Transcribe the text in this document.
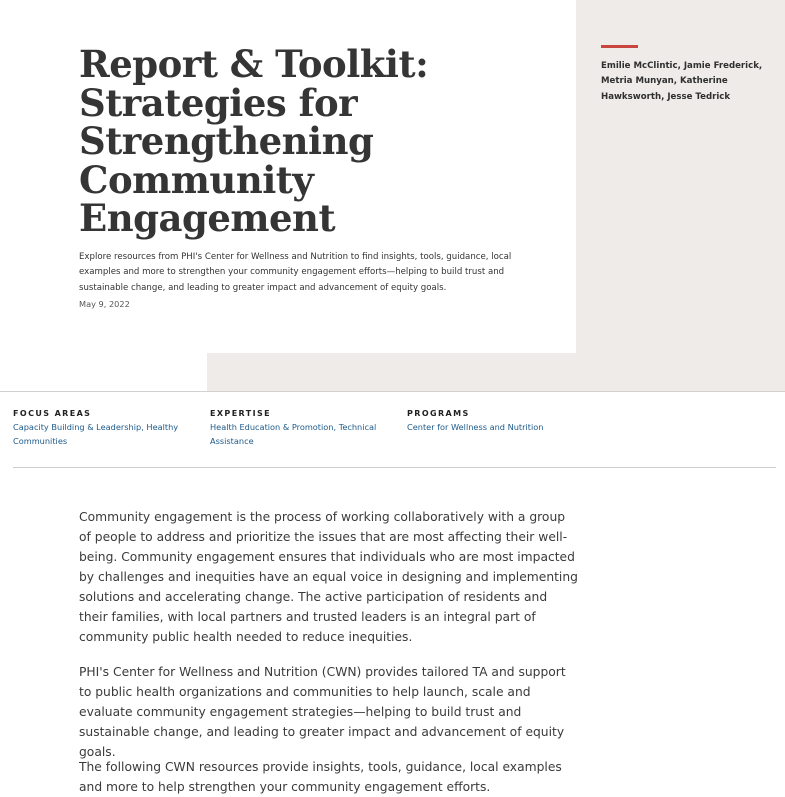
Report & Toolkit: Strategies for Strengthening Community Engagement

Explore resources from PHI's Center for Wellness and Nutrition to find insights, tools, guidance, local examples and more to strengthen your community engagement efforts—helping to build trust and sustainable change, and leading to greater impact and advancement of equity goals.

May 9, 2022
Emilie McClintic, Jamie Frederick, Metria Munyan, Katherine Hawksworth, Jesse Tedrick
FOCUS AREAS
Capacity Building & Leadership, Healthy Communities
EXPERTISE
Health Education & Promotion, Technical Assistance
PROGRAMS
Center for Wellness and Nutrition

Community engagement is the process of working collaboratively with a group of people to address and prioritize the issues that are most affecting their well-being. Community engagement ensures that individuals who are most impacted by challenges and inequities have an equal voice in designing and implementing solutions and accelerating change. The active participation of residents and their families, with local partners and trusted leaders is an integral part of community public health needed to reduce inequities.

PHI's Center for Wellness and Nutrition (CWN) provides tailored TA and support to public health organizations and communities to help launch, scale and evaluate community engagement strategies—helping to build trust and sustainable change, and leading to greater impact and advancement of equity goals.

The following CWN resources provide insights, tools, guidance, local examples and more to help strengthen your community engagement efforts.
